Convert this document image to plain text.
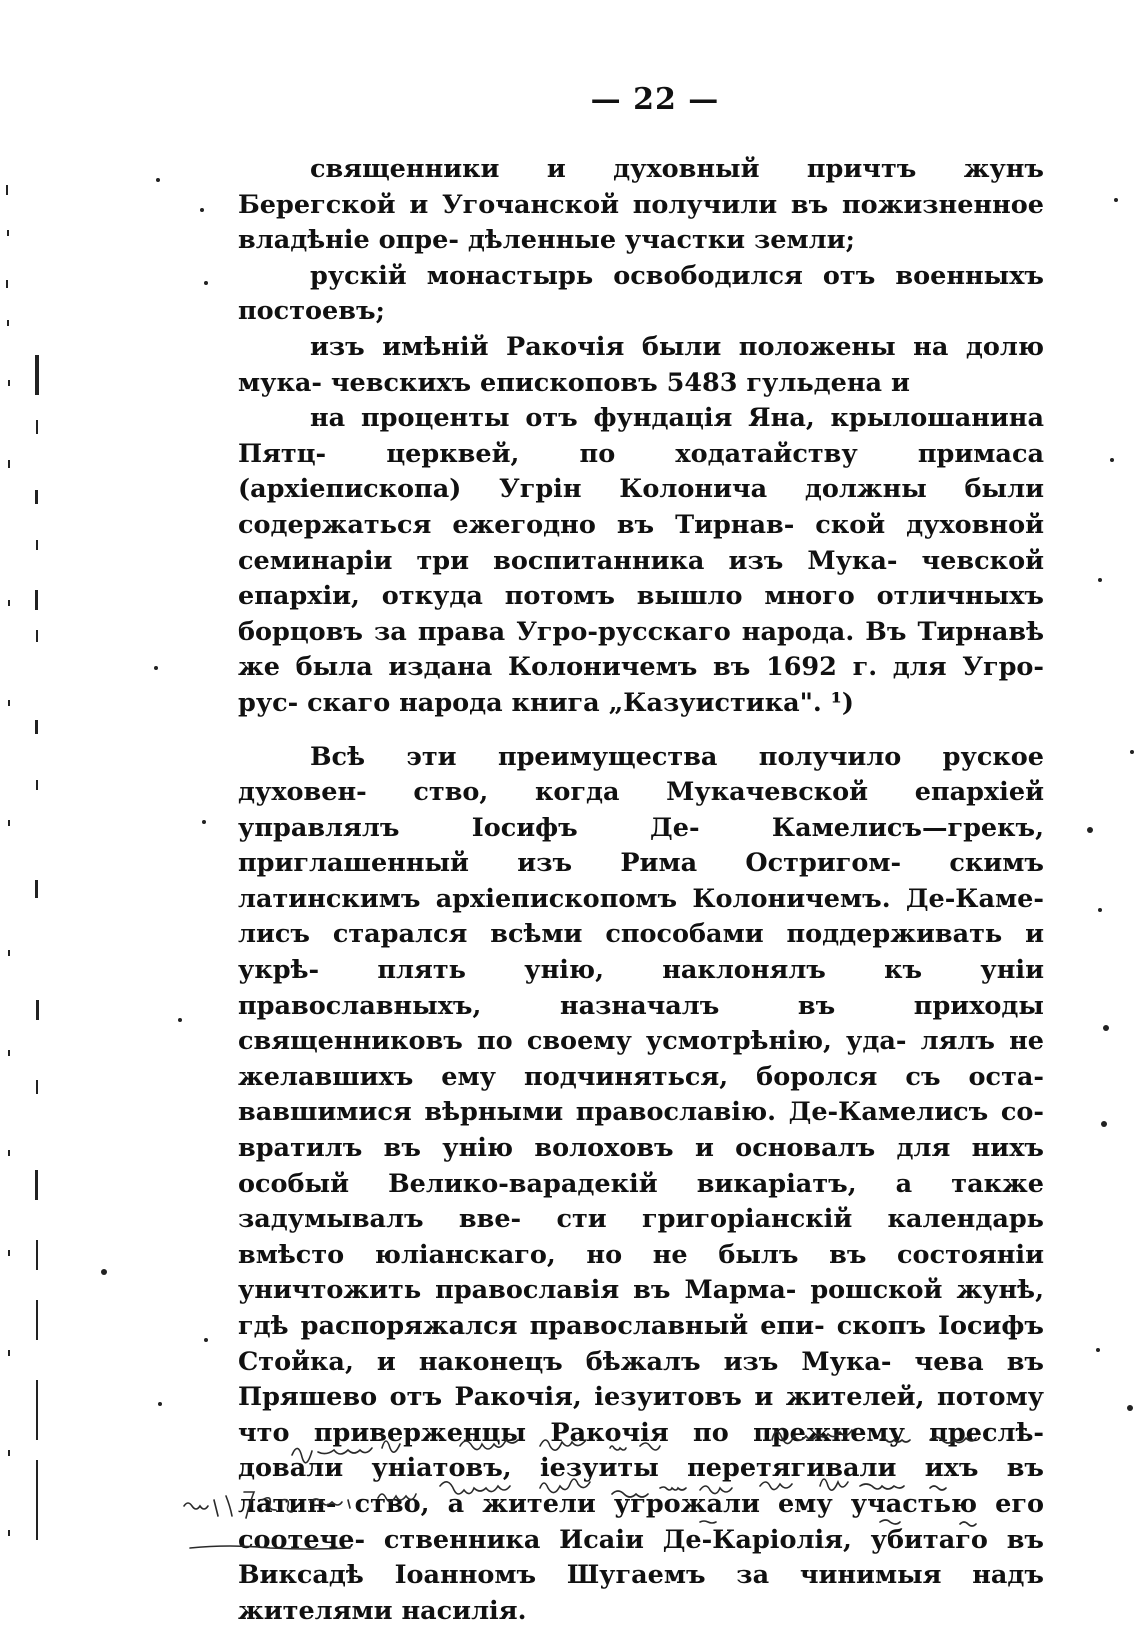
— 22 —

священники и духовный причтъ жунъ Берегской и Угочанской получили въ пожизненное владѣніе опре- дѣленные участки земли;

рускій монастырь освободился отъ военныхъ постоевъ;

изъ имѣній Ракочія были положены на долю мука- чевскихъ епископовъ 5483 гульдена и

на проценты отъ фундація Яна, крылошанина Пятц- церквей, по ходатайству примаса (архіепископа) Угрін Колонича должны были содержаться ежегодно въ Тирнав- ской духовной семинаріи три воспитанника изъ Мука- чевской епархіи, откуда потомъ вышло много отличныхъ борцовъ за права Угро-русскаго народа. Въ Тирнавѣ же была издана Колоничемъ въ 1692 г. для Угро-рус- скаго народа книга „Казуистика". ¹)

Всѣ эти преимущества получило руское духовен- ство, когда Мукачевской епархіей управлялъ Іосифъ Де-	Камелисъ—грекъ, приглашенный изъ Рима Остригом- скимъ латинскимъ архіепископомъ Колоничемъ. Де-Каме- лисъ старался всѣми способами поддерживать и укрѣ- плять унію, наклонялъ къ уніи православныхъ, назначалъ	въ приходы священниковъ по своему усмотрѣнію, уда- лялъ не желавшихъ ему подчиняться, боролся съ оста- вавшимися вѣрными православію. Де-Камелисъ со- вратилъ въ унію волоховъ и основалъ для нихъ особый Велико-варадекій викаріатъ, а также задумывалъ вве- сти григоріанскій календарь вмѣсто юліанскаго, но не былъ въ состояніи уничтожить православія въ Марма- рошской жунѣ, гдѣ распоряжался православный епи- скопъ Іосифъ Стойка, и наконецъ бѣжалъ изъ Мука- чева въ Пряшево отъ Ракочія, іезуитовъ и жителей, потому что приверженцы Ракочія по прежнему преслѣ- довали уніатовъ, іезуиты перетягивали ихъ въ латин- ство, а жители угрожали ему участью его соотече- ственника Исаіи Де-Каріолія, убитаго въ Виксадѣ Іоанномъ Шугаемъ за чинимыя надъ жителями насилія.
